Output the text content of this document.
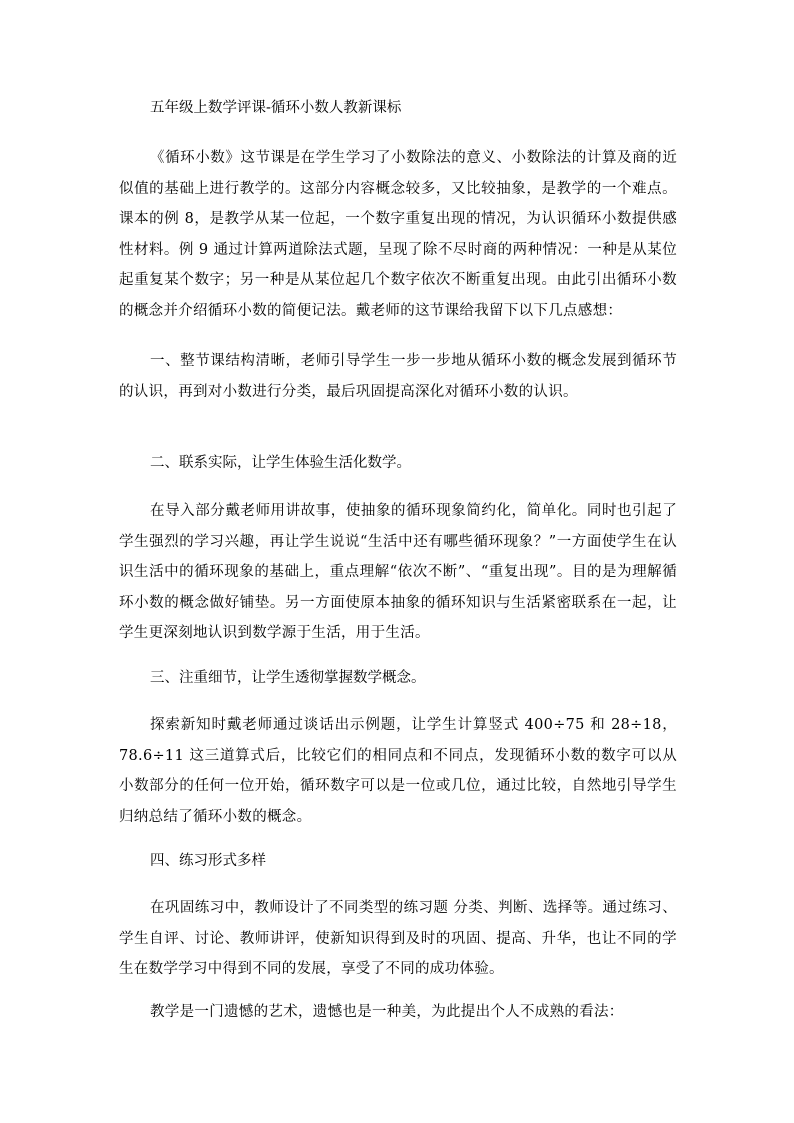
五年级上数学评课-循环小数人教新课标
《循环小数》这节课是在学生学习了小数除法的意义、小数除法的计算及商的近似值的基础上进行教学的。这部分内容概念较多，又比较抽象，是教学的一个难点。课本的例 8，是教学从某一位起，一个数字重复出现的情况，为认识循环小数提供感性材料。例 9 通过计算两道除法式题，呈现了除不尽时商的两种情况：一种是从某位起重复某个数字；另一种是从某位起几个数字依次不断重复出现。由此引出循环小数的概念并介绍循环小数的简便记法。戴老师的这节课给我留下以下几点感想：
一、整节课结构清晰，老师引导学生一步一步地从循环小数的概念发展到循环节的认识，再到对小数进行分类，最后巩固提高深化对循环小数的认识。
二、联系实际，让学生体验生活化数学。
在导入部分戴老师用讲故事，使抽象的循环现象简约化，简单化。同时也引起了学生强烈的学习兴趣，再让学生说说“生活中还有哪些循环现象？”一方面使学生在认识生活中的循环现象的基础上，重点理解“依次不断”、“重复出现”。目的是为理解循环小数的概念做好铺垫。另一方面使原本抽象的循环知识与生活紧密联系在一起，让学生更深刻地认识到数学源于生活，用于生活。
三、注重细节，让学生透彻掌握数学概念。
探索新知时戴老师通过谈话出示例题，让学生计算竖式 400÷75 和 28÷18，78.6÷11 这三道算式后，比较它们的相同点和不同点，发现循环小数的数字可以从小数部分的任何一位开始，循环数字可以是一位或几位，通过比较，自然地引导学生归纳总结了循环小数的概念。
四、练习形式多样
在巩固练习中，教师设计了不同类型的练习题 分类、判断、选择等。通过练习、学生自评、讨论、教师讲评，使新知识得到及时的巩固、提高、升华，也让不同的学生在数学学习中得到不同的发展，享受了不同的成功体验。
教学是一门遗憾的艺术，遗憾也是一种美，为此提出个人不成熟的看法：
